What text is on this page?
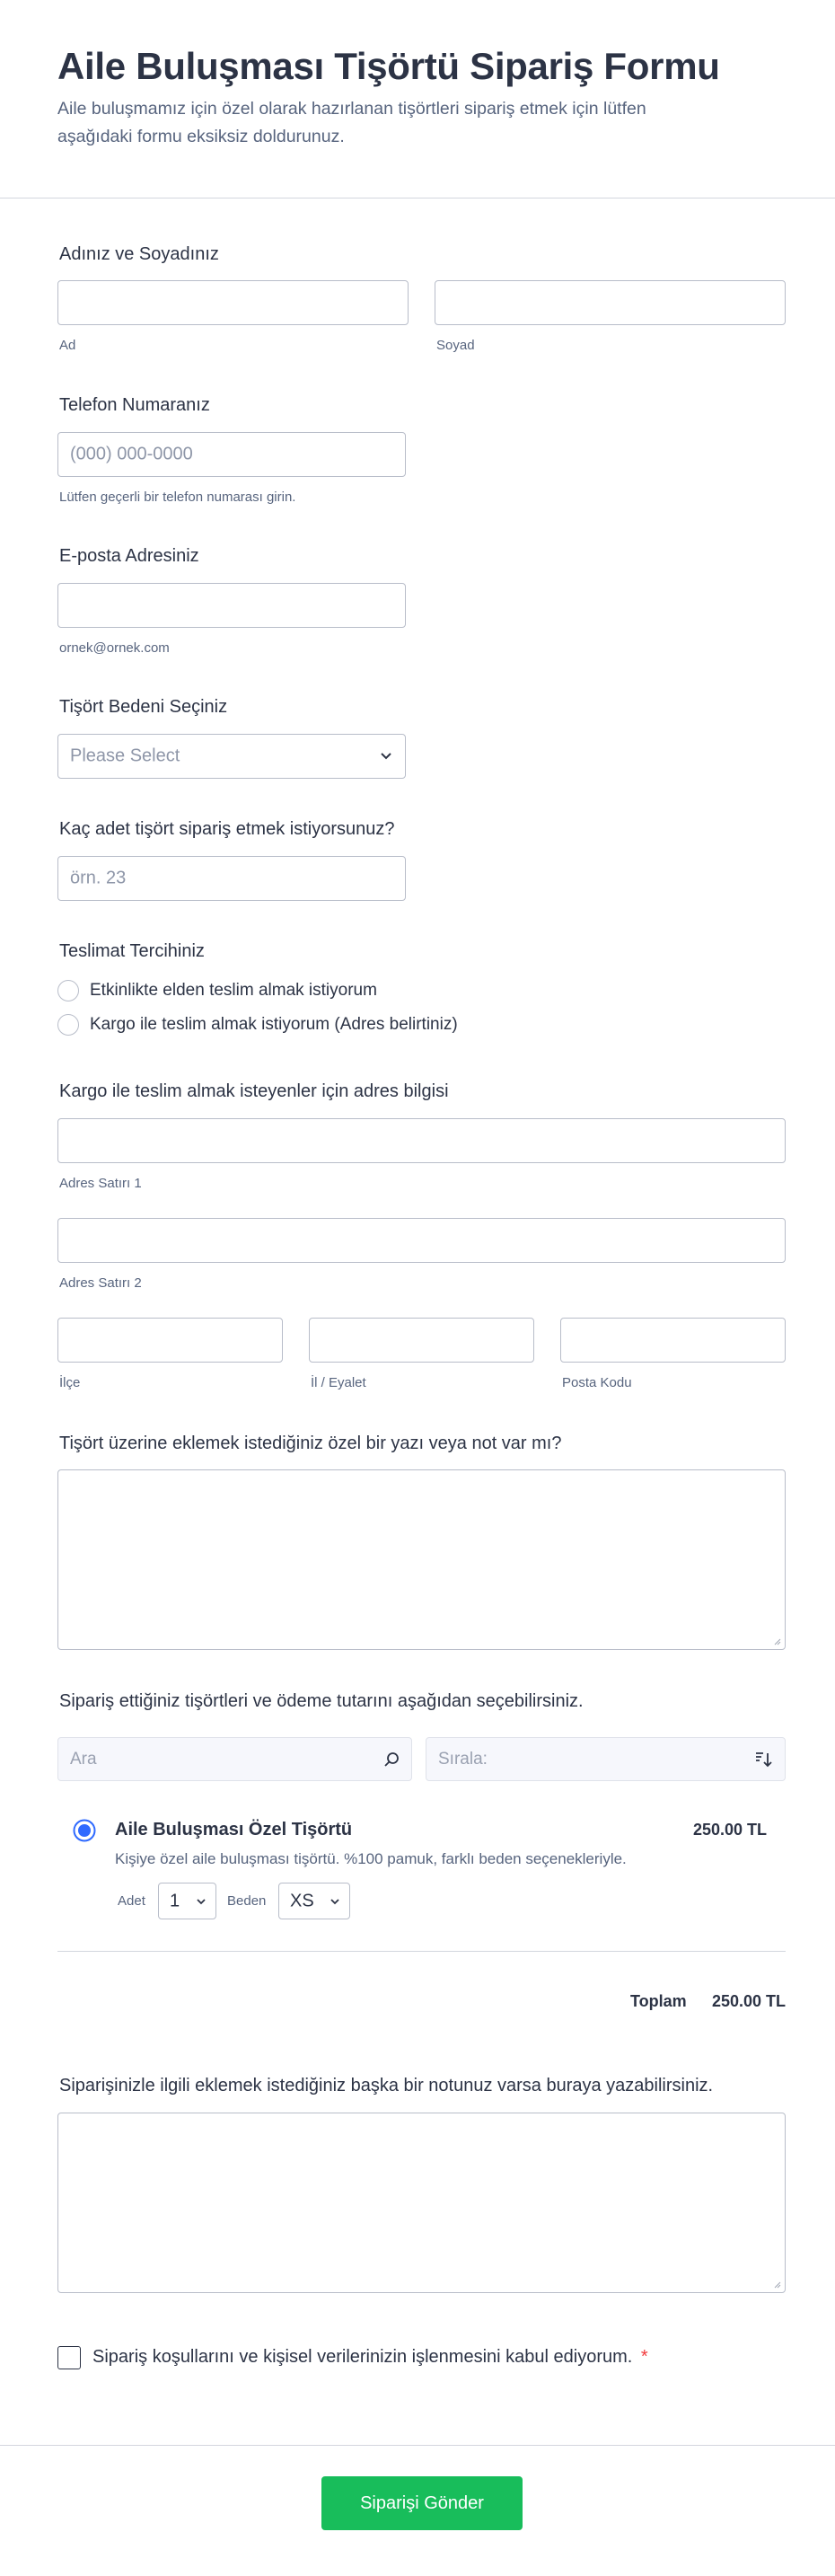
Aile Buluşması Tişörtü Sipariş Formu
Aile buluşmamız için özel olarak hazırlanan tişörtleri sipariş etmek için lütfen aşağıdaki formu eksiksiz doldurunuz.
Adınız ve Soyadınız
Ad	Soyad
Telefon Numaranız
(000) 000-0000
Lütfen geçerli bir telefon numarası girin.
E-posta Adresiniz
ornek@ornek.com
Tişört Bedeni Seçiniz
Please Select
Kaç adet tişört sipariş etmek istiyorsunuz?
örn. 23
Teslimat Tercihiniz
Etkinlikte elden teslim almak istiyorum
Kargo ile teslim almak istiyorum (Adres belirtiniz)
Kargo ile teslim almak isteyenler için adres bilgisi
Adres Satırı 1
Adres Satırı 2
İlçe	İl / Eyalet	Posta Kodu
Tişört üzerine eklemek istediğiniz özel bir yazı veya not var mı?
Sipariş ettiğiniz tişörtleri ve ödeme tutarını aşağıdan seçebilirsiniz.
Ara	Sırala:
Aile Buluşması Özel Tişörtü	250.00 TL
Kişiye özel aile buluşması tişörtü. %100 pamuk, farklı beden seçenekleriyle.
Adet 1	Beden XS
Toplam 250.00 TL
Siparişinizle ilgili eklemek istediğiniz başka bir notunuz varsa buraya yazabilirsiniz.
Sipariş koşullarını ve kişisel verilerinizin işlenmesini kabul ediyorum. *
Siparişi Gönder
